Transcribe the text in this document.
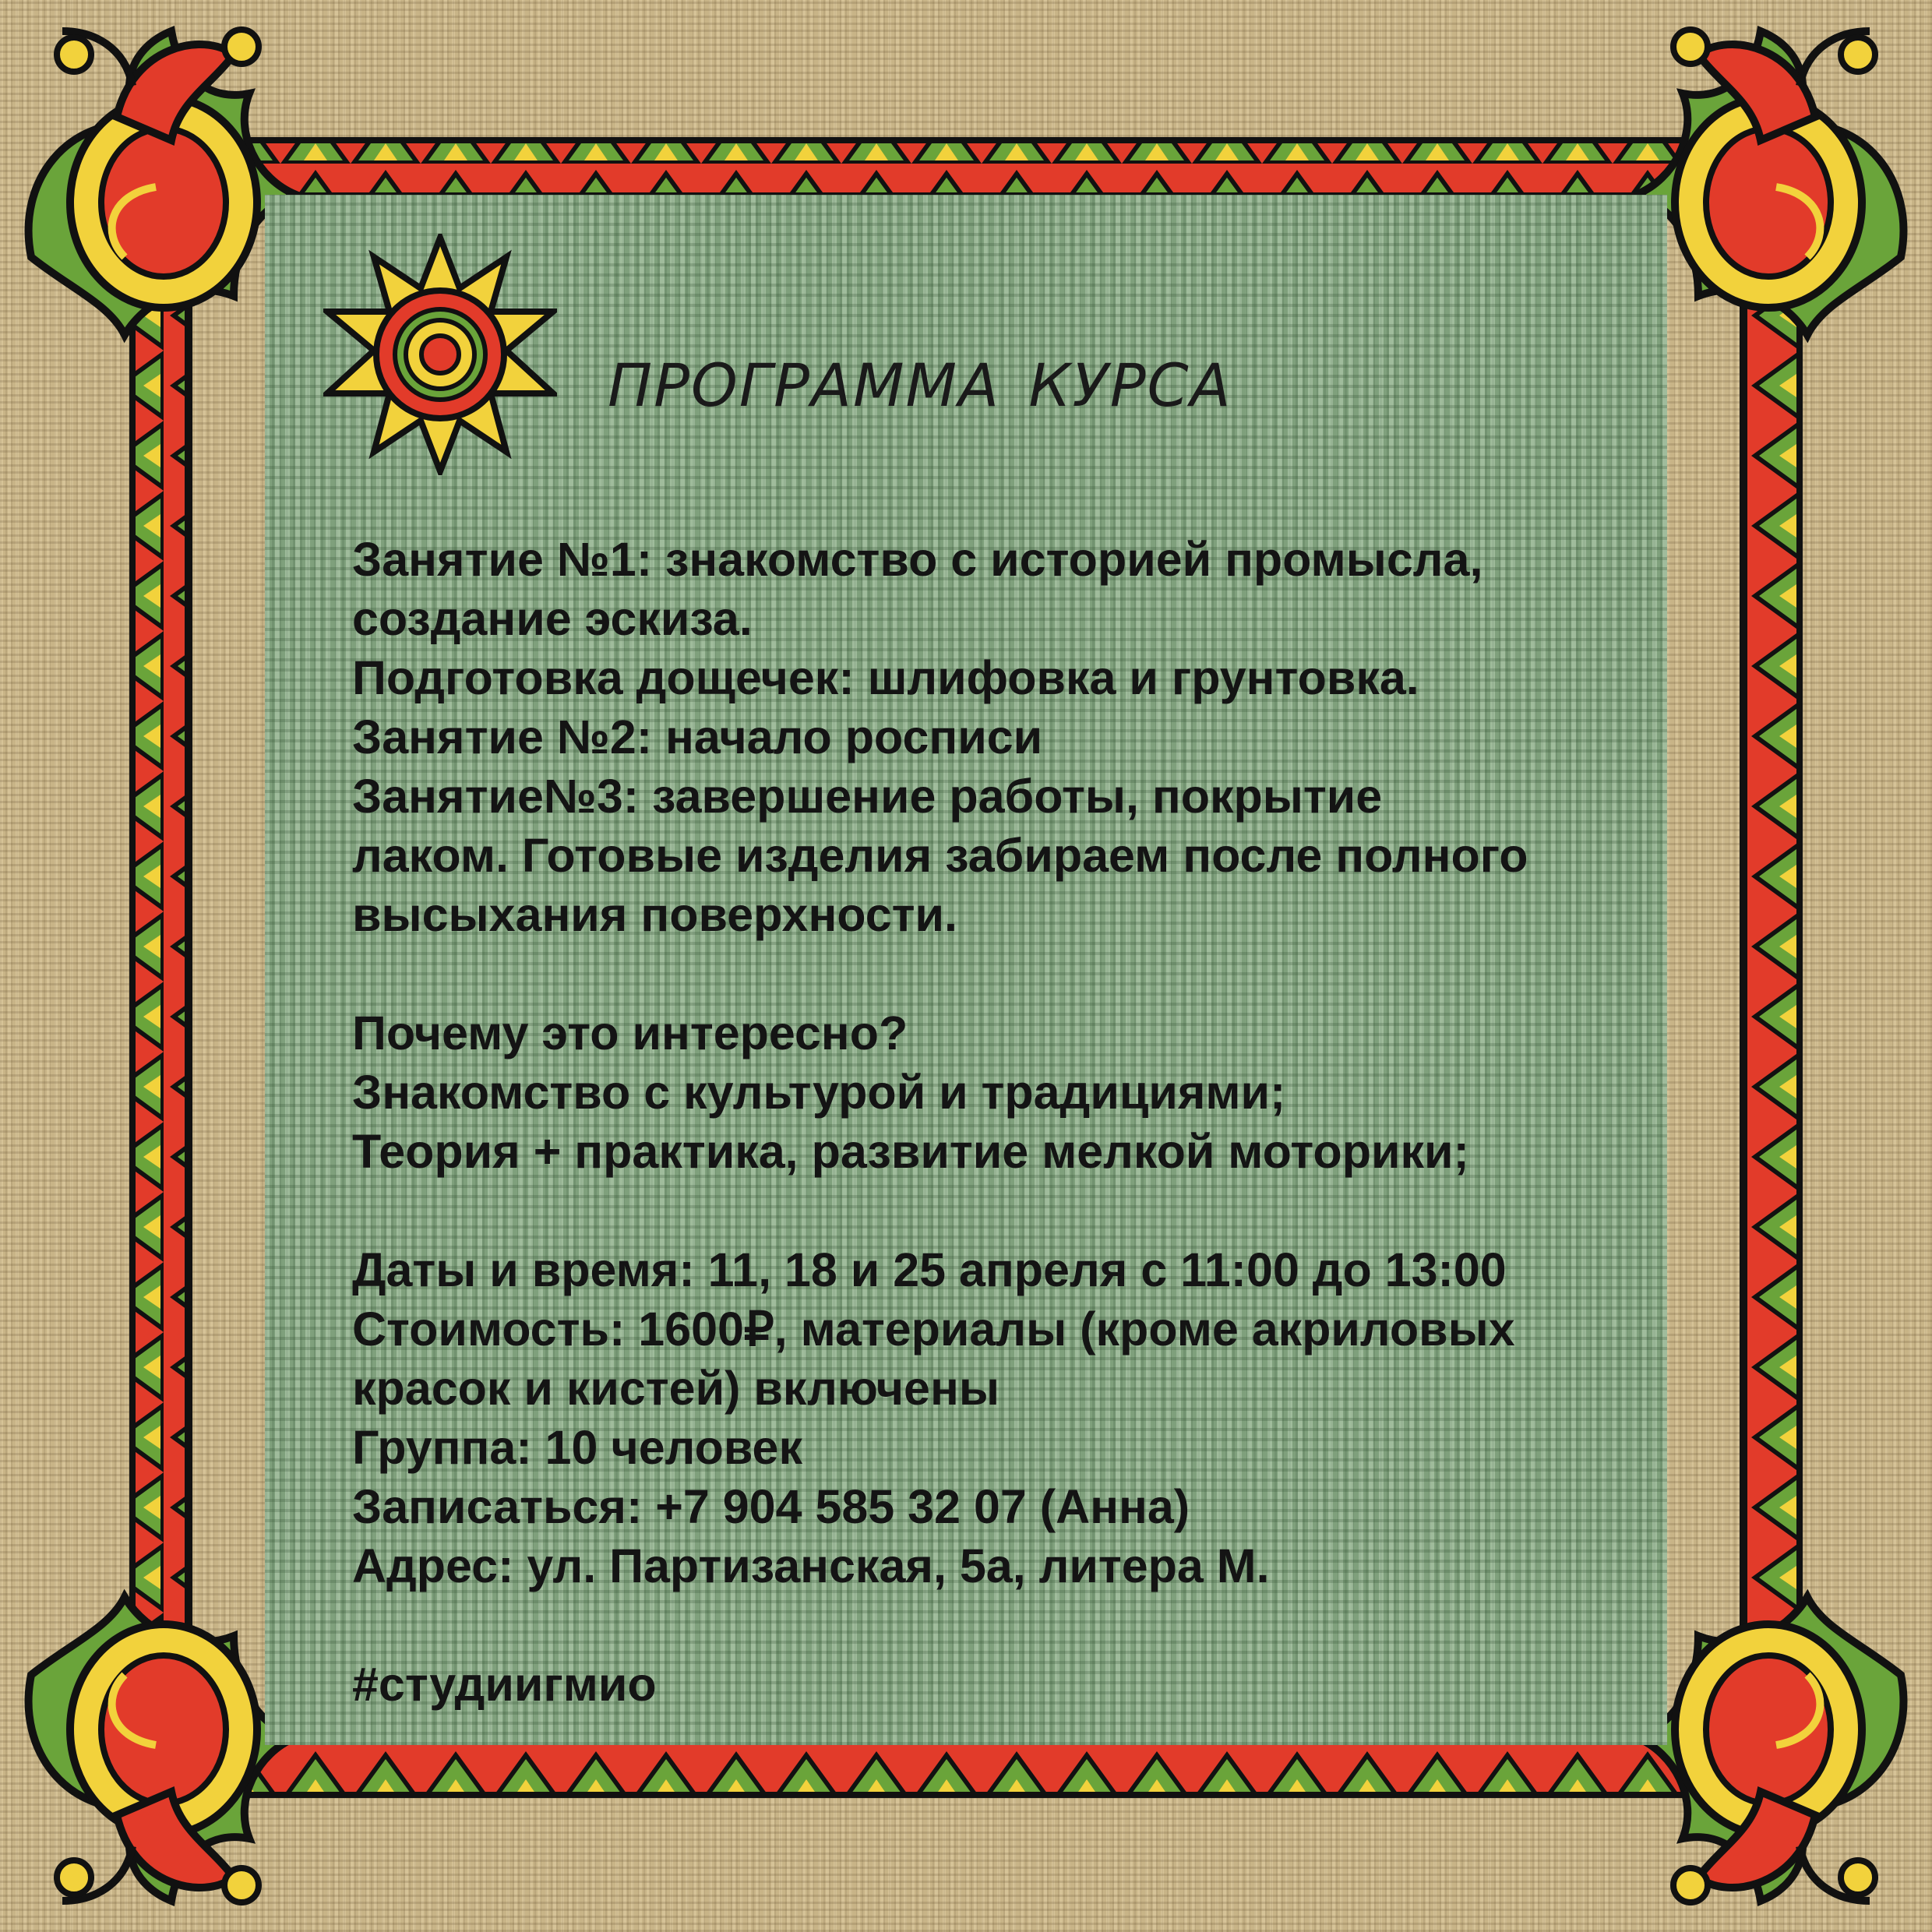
программа курса

Занятие №1: знакомство с историей промысла,

создание эскиза.

Подготовка дощечек: шлифовка и грунтовка.

Занятие №2: начало росписи

Занятие№3: завершение работы, покрытие

лаком. Готовые изделия забираем после полного

высыхания поверхности.

Почему это интересно?

Знакомство с культурой и традициями;

Теория + практика, развитие мелкой моторики;

Даты и время: 11, 18 и 25 апреля с 11:00 до 13:00

Стоимость: 1600₽, материалы (кроме акриловых

красок и кистей) включены

Группа: 10 человек

Записаться: +7 904 585 32 07 (Анна)

Адрес: ул. Партизанская, 5а, литера М.

#студиигмио
